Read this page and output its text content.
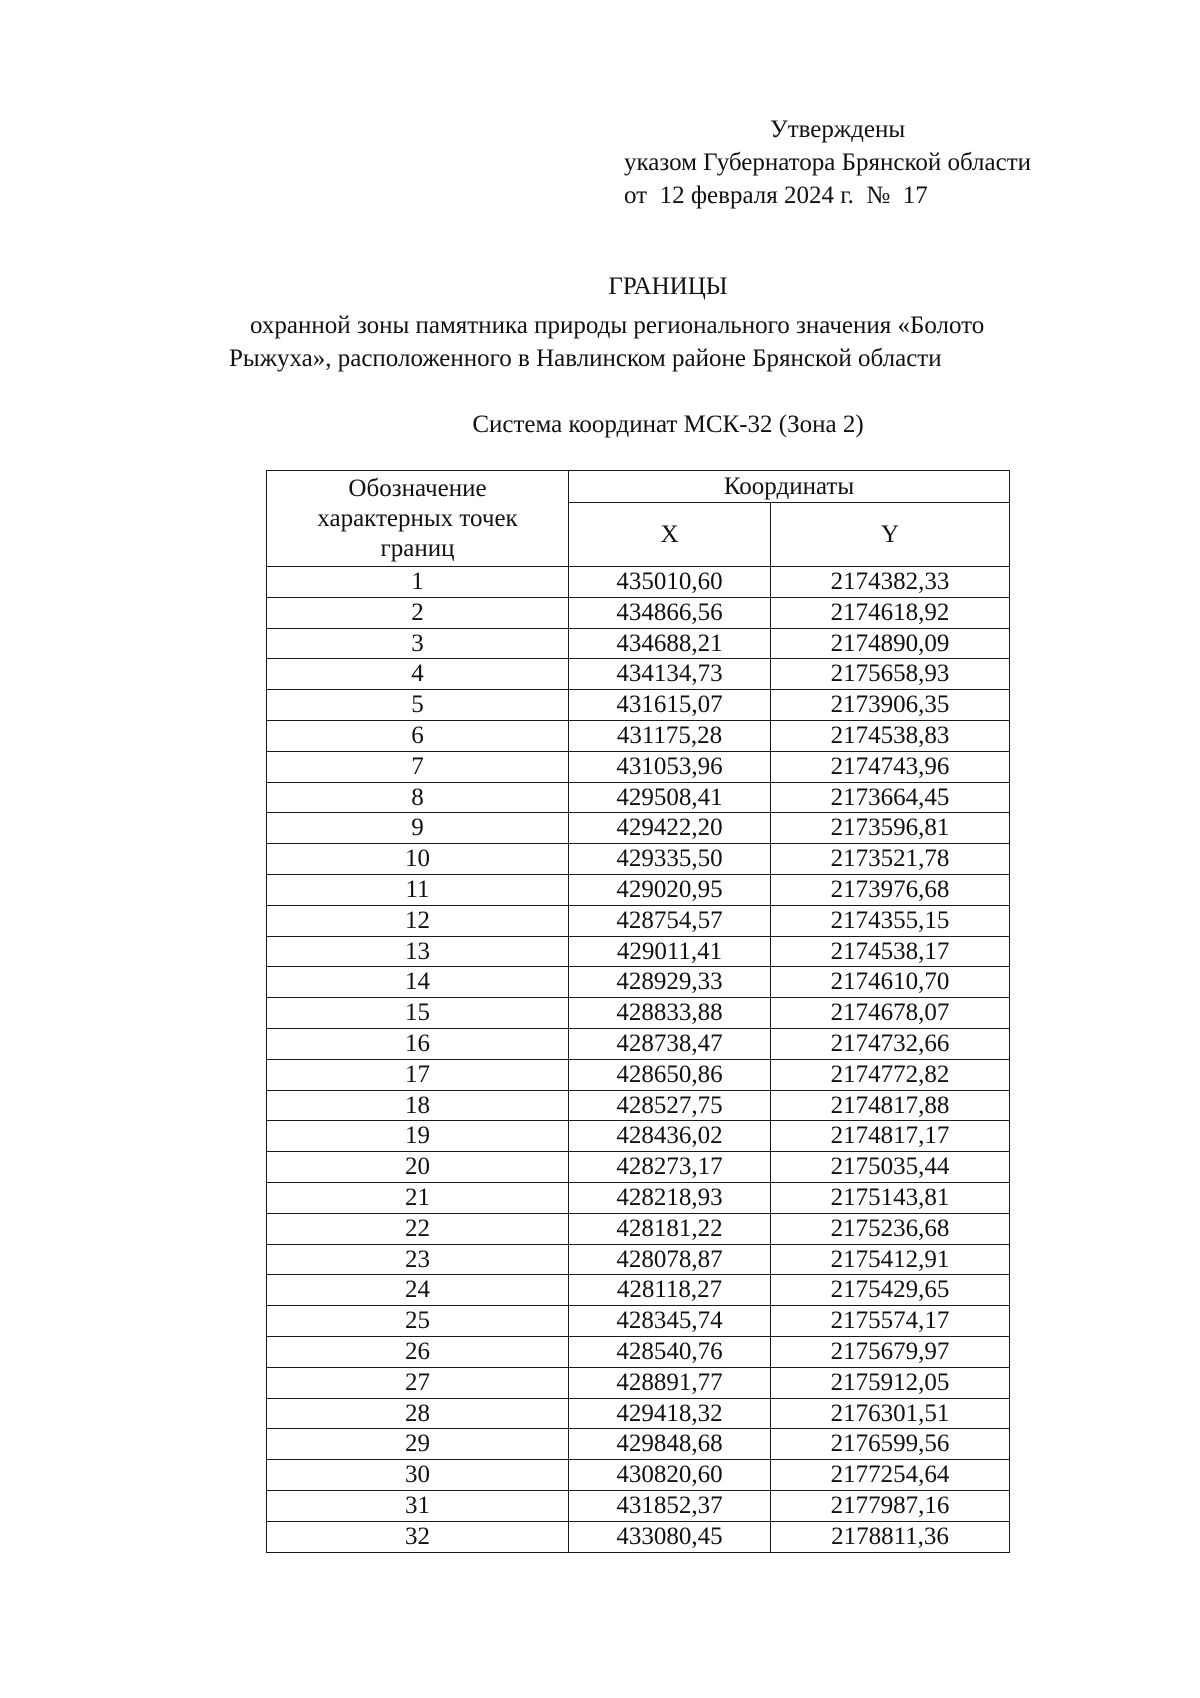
Утверждены
указом Губернатора Брянской области
от  12 февраля 2024 г.  №  17
ГРАНИЦЫ
охранной зоны памятника природы регионального значения «Болото
Рыжуха», расположенного в Навлинском районе Брянской области
Система координат МСК-32 (Зона 2)
Обозначение характерных точек границ	Координаты	
	X	Y
1	435010,60	2174382,33
2	434866,56	2174618,92
3	434688,21	2174890,09
4	434134,73	2175658,93
5	431615,07	2173906,35
6	431175,28	2174538,83
7	431053,96	2174743,96
8	429508,41	2173664,45
9	429422,20	2173596,81
10	429335,50	2173521,78
11	429020,95	2173976,68
12	428754,57	2174355,15
13	429011,41	2174538,17
14	428929,33	2174610,70
15	428833,88	2174678,07
16	428738,47	2174732,66
17	428650,86	2174772,82
18	428527,75	2174817,88
19	428436,02	2174817,17
20	428273,17	2175035,44
21	428218,93	2175143,81
22	428181,22	2175236,68
23	428078,87	2175412,91
24	428118,27	2175429,65
25	428345,74	2175574,17
26	428540,76	2175679,97
27	428891,77	2175912,05
28	429418,32	2176301,51
29	429848,68	2176599,56
30	430820,60	2177254,64
31	431852,37	2177987,16
32	433080,45	2178811,36
